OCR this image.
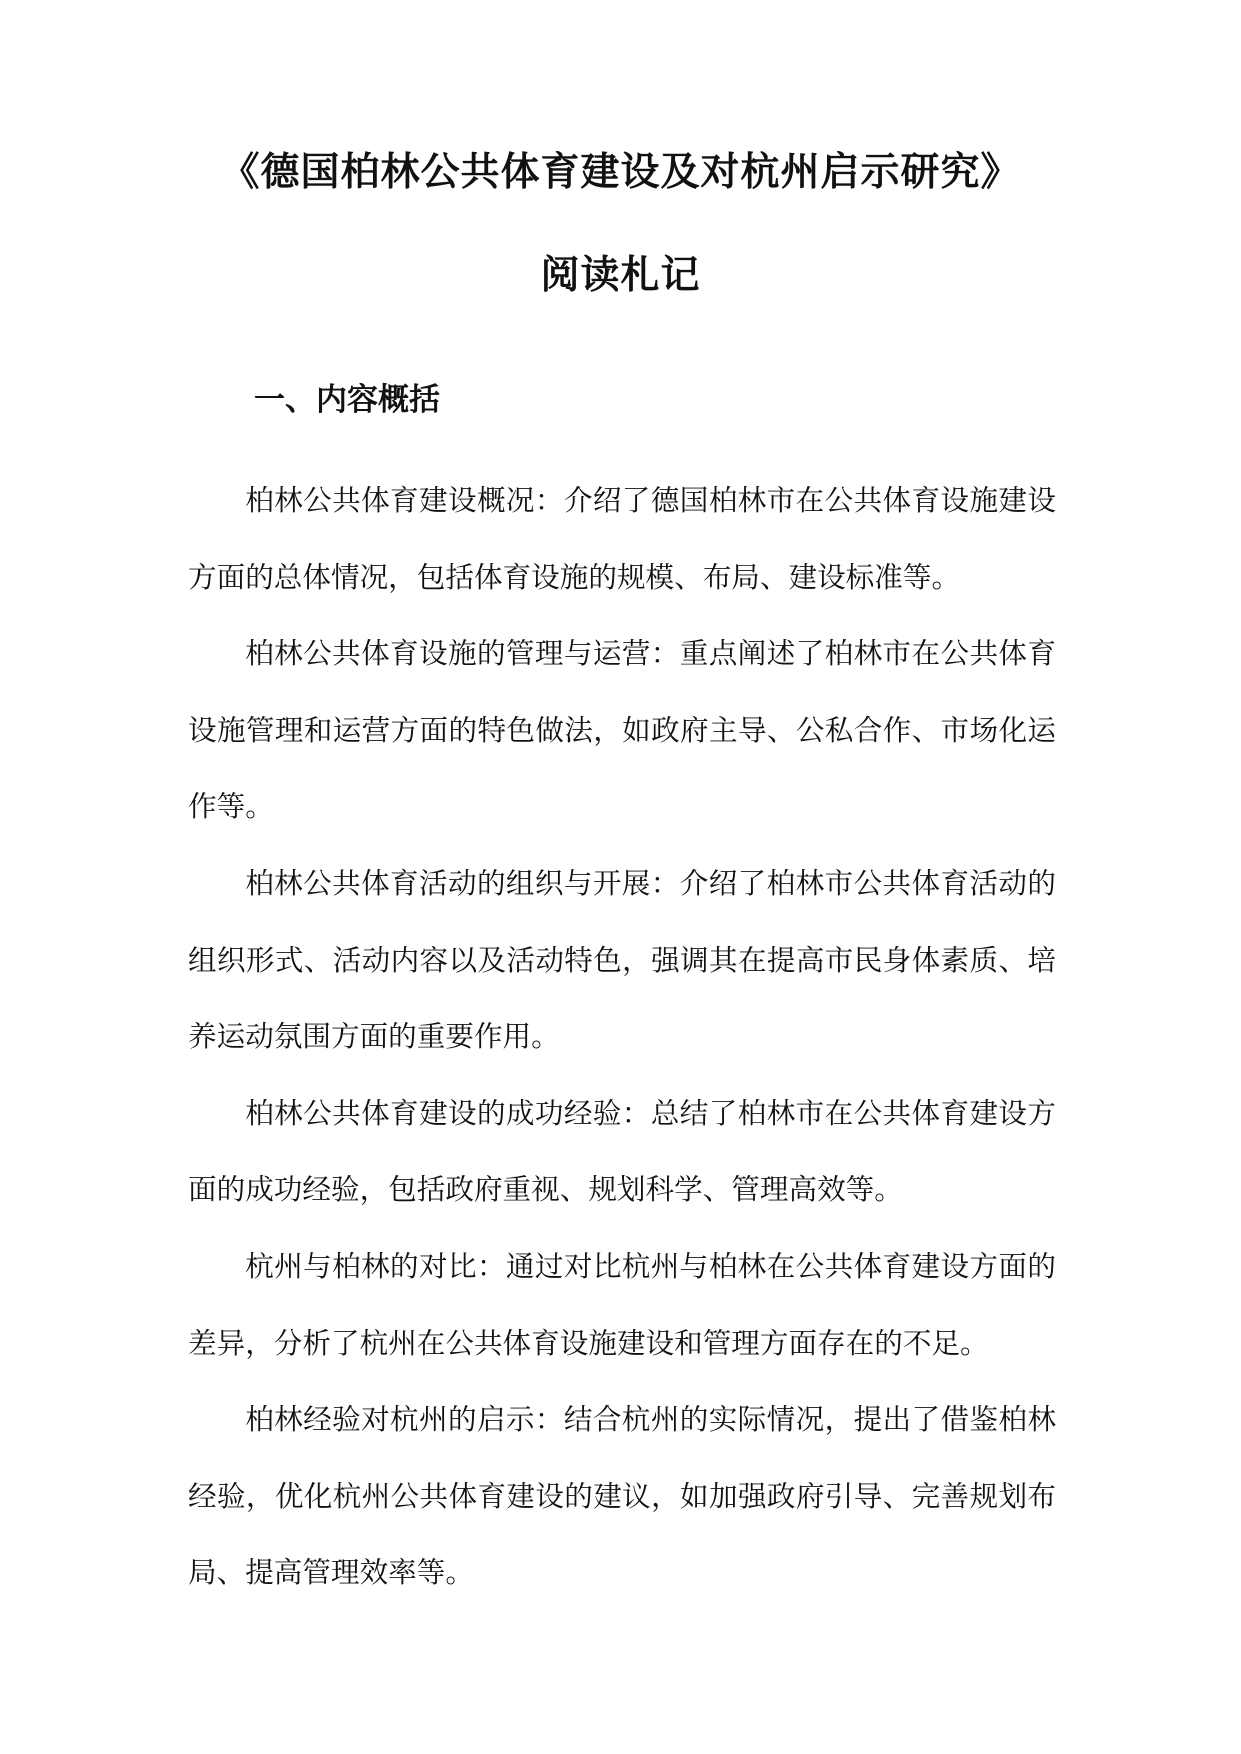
《德国柏林公共体育建设及对杭州启示研究》
阅读札记
一、内容概括

柏林公共体育建设概况：介绍了德国柏林市在公共体育设施建设方面的总体情况，包括体育设施的规模、布局、建设标准等。

柏林公共体育设施的管理与运营：重点阐述了柏林市在公共体育设施管理和运营方面的特色做法，如政府主导、公私合作、市场化运作等。

柏林公共体育活动的组织与开展：介绍了柏林市公共体育活动的组织形式、活动内容以及活动特色，强调其在提高市民身体素质、培养运动氛围方面的重要作用。

柏林公共体育建设的成功经验：总结了柏林市在公共体育建设方面的成功经验，包括政府重视、规划科学、管理高效等。

杭州与柏林的对比：通过对比杭州与柏林在公共体育建设方面的差异，分析了杭州在公共体育设施建设和管理方面存在的不足。

柏林经验对杭州的启示：结合杭州的实际情况，提出了借鉴柏林经验，优化杭州公共体育建设的建议，如加强政府引导、完善规划布局、提高管理效率等。
